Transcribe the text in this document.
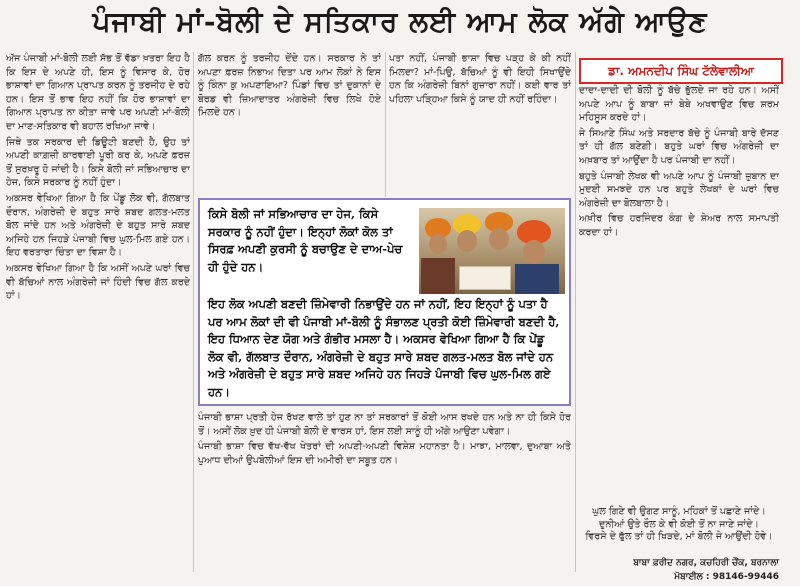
ਪੰਜਾਬੀ ਮਾਂ-ਬੋਲੀ ਦੇ ਸਤਿਕਾਰ ਲਈ ਆਮ ਲੋਕ ਅੱਗੇ ਆਉਣ

ਅੱਜ ਪੰਜਾਬੀ ਮਾਂ-ਬੋਲੀ ਲਈ ਸੱਭ ਤੋਂ ਵੱਡਾ ਖ਼ਤਰਾ ਇਹ ਹੈ ਕਿ ਇਸ ਦੇ ਅਪਣੇ ਹੀ, ਇਸ ਨੂੰ ਵਿਸਾਰ ਕੇ, ਹੋਰ ਭਾਸ਼ਾਵਾਂ ਦਾ ਗਿਆਨ ਪ੍ਰਾਪਤ ਕਰਨ ਨੂੰ ਤਰਜੀਹ ਦੇ ਰਹੇ ਹਨ। ਇਸ ਤੋਂ ਭਾਵ ਇਹ ਨਹੀਂ ਕਿ ਹੋਰ ਭਾਸ਼ਾਵਾਂ ਦਾ ਗਿਆਨ ਪ੍ਰਾਪਤ ਨਾ ਕੀਤਾ ਜਾਵੇ ਪਰ ਅਪਣੀ ਮਾਂ-ਬੋਲੀ ਦਾ ਮਾਣ-ਸਤਿਕਾਰ ਵੀ ਬਹਾਲ ਰਖਿਆ ਜਾਵੇ।

ਜਿਥੇ ਤਕ ਸਰਕਾਰ ਦੀ ਡਿਊਟੀ ਬਣਦੀ ਹੈ, ਉਹ ਤਾਂ ਅਪਣੀ ਕਾਗ਼ਜ਼ੀ ਕਾਰਵਾਈ ਪੂਰੀ ਕਰ ਕੇ, ਅਪਣੇ ਫ਼ਰਜ਼ ਤੋਂ ਸੁਰਖ਼ਰੂ ਹੋ ਜਾਂਦੀ ਹੈ। ਕਿਸੇ ਬੋਲੀ ਜਾਂ ਸਭਿਆਚਾਰ ਦਾ ਹੇਜ, ਕਿਸੇ ਸਰਕਾਰ ਨੂੰ ਨਹੀਂ ਹੁੰਦਾ।

ਅਕਸਰ ਵੇਖਿਆ ਗਿਆ ਹੈ ਕਿ ਪੇਂਡੂ ਲੋਕ ਵੀ, ਗੱਲਬਾਤ ਦੌਰਾਨ, ਅੰਗਰੇਜ਼ੀ ਦੇ ਬਹੁਤ ਸਾਰੇ ਸ਼ਬਦ ਗਲਤ-ਮਲਤ ਬੋਲ ਜਾਂਦੇ ਹਨ ਅਤੇ ਅੰਗਰੇਜ਼ੀ ਦੇ ਬਹੁਤ ਸਾਰੇ ਸ਼ਬਦ ਅਜਿਹੇ ਹਨ ਜਿਹੜੇ ਪੰਜਾਬੀ ਵਿਚ ਘੁਲ-ਮਿਲ ਗਏ ਹਨ। ਇਹ ਵਰਤਾਰਾ ਚਿੰਤਾ ਦਾ ਵਿਸ਼ਾ ਹੈ।

ਅਕਸਰ ਵੇਖਿਆ ਗਿਆ ਹੈ ਕਿ ਅਸੀਂ ਅਪਣੇ ਘਰਾਂ ਵਿਚ ਵੀ ਬੱਚਿਆਂ ਨਾਲ ਅੰਗਰੇਜ਼ੀ ਜਾਂ ਹਿੰਦੀ ਵਿਚ ਗੱਲ ਕਰਦੇ ਹਾਂ।

ਗੱਲ ਕਰਨ ਨੂੰ ਤਰਜੀਹ ਦੇਂਦੇ ਹਨ। ਸਰਕਾਰ ਨੇ ਤਾਂ ਅਪਣਾ ਫ਼ਰਜ਼ ਨਿਭਾਅ ਦਿਤਾ ਪਰ ਆਮ ਲੋਕਾਂ ਨੇ ਇਸ ਨੂੰ ਕਿੰਨਾ ਕੁ ਅਪਣਾਇਆ? ਪਿੰਡਾਂ ਵਿਚ ਤਾਂ ਦੁਕਾਨਾਂ ਦੇ ਬੋਰਡ ਵੀ ਜ਼ਿਆਦਾਤਰ ਅੰਗਰੇਜ਼ੀ ਵਿਚ ਲਿਖੇ ਹੋਏ ਮਿਲਦੇ ਹਨ।

ਪਤਾ ਨਹੀਂ, ਪੰਜਾਬੀ ਭਾਸ਼ਾ ਵਿਚ ਪੜ੍ਹ ਕੇ ਕੀ ਨਹੀਂ ਮਿਲਦਾ? ਮਾਂ-ਪਿਉ, ਬੱਚਿਆਂ ਨੂੰ ਵੀ ਇਹੀ ਸਿਖਾਉਂਦੇ ਹਨ ਕਿ ਅੰਗਰੇਜ਼ੀ ਬਿਨਾਂ ਗੁਜ਼ਾਰਾ ਨਹੀਂ। ਕਈ ਵਾਰ ਤਾਂ ਪਹਿਲਾ ਪੜ੍ਹਿਆ ਕਿਸੇ ਨੂੰ ਯਾਦ ਹੀ ਨਹੀਂ ਰਹਿੰਦਾ।

ਕਿਸੇ ਬੋਲੀ ਜਾਂ ਸਭਿਆਚਾਰ ਦਾ ਹੇਜ, ਕਿਸੇ ਸਰਕਾਰ ਨੂੰ ਨਹੀਂ ਹੁੰਦਾ। ਇਨ੍ਹਾਂ ਲੋਕਾਂ ਕੋਲ ਤਾਂ ਸਿਰਫ਼ ਅਪਣੀ ਕੁਰਸੀ ਨੂੰ ਬਚਾਉਣ ਦੇ ਦਾਅ-ਪੇਚ ਹੀ ਹੁੰਦੇ ਹਨ।
ਇਹ ਲੋਕ ਅਪਣੀ ਬਣਦੀ ਜ਼ਿੰਮੇਵਾਰੀ ਨਿਭਾਉਂਦੇ ਹਨ ਜਾਂ ਨਹੀਂ, ਇਹ ਇਨ੍ਹਾਂ ਨੂੰ ਪਤਾ ਹੈ ਪਰ ਆਮ ਲੋਕਾਂ ਦੀ ਵੀ ਪੰਜਾਬੀ ਮਾਂ-ਬੋਲੀ ਨੂੰ ਸੰਭਾਲਣ ਪ੍ਰਤੀ ਕੋਈ ਜ਼ਿੰਮੇਵਾਰੀ ਬਣਦੀ ਹੈ, ਇਹ ਧਿਆਨ ਦੇਣ ਯੋਗ ਅਤੇ ਗੰਭੀਰ ਮਸਲਾ ਹੈ। ਅਕਸਰ ਵੇਖਿਆ ਗਿਆ ਹੈ ਕਿ ਪੇਂਡੂ ਲੋਕ ਵੀ, ਗੱਲਬਾਤ ਦੌਰਾਨ, ਅੰਗਰੇਜ਼ੀ ਦੇ ਬਹੁਤ ਸਾਰੇ ਸ਼ਬਦ ਗਲਤ-ਮਲਤ ਬੋਲ ਜਾਂਦੇ ਹਨ ਅਤੇ ਅੰਗਰੇਜ਼ੀ ਦੇ ਬਹੁਤ ਸਾਰੇ ਸ਼ਬਦ ਅਜਿਹੇ ਹਨ ਜਿਹੜੇ ਪੰਜਾਬੀ ਵਿਚ ਘੁਲ-ਮਿਲ ਗਏ ਹਨ।

ਪੰਜਾਬੀ ਭਾਸ਼ਾ ਪ੍ਰਤੀ ਹੇਜ ਰੱਖਣ ਵਾਲੇ ਤਾਂ ਹੁਣ ਨਾ ਤਾਂ ਸਰਕਾਰਾਂ ਤੋਂ ਕੋਈ ਆਸ ਰਖਦੇ ਹਨ ਅਤੇ ਨਾ ਹੀ ਕਿਸੇ ਹੋਰ ਤੋਂ। ਅਸੀਂ ਲੋਕ ਖ਼ੁਦ ਹੀ ਪੰਜਾਬੀ ਬੋਲੀ ਦੇ ਵਾਰਸ ਹਾਂ, ਇਸ ਲਈ ਸਾਨੂੰ ਹੀ ਅੱਗੇ ਆਉਣਾ ਪਵੇਗਾ।

ਪੰਜਾਬੀ ਭਾਸ਼ਾ ਵਿਚ ਵੱਖ-ਵੱਖ ਖੇਤਰਾਂ ਦੀ ਅਪਣੀ-ਅਪਣੀ ਵਿਸ਼ੇਸ਼ ਮਹਾਨਤਾ ਹੈ। ਮਾਝਾ, ਮਾਲਵਾ, ਦੁਆਬਾ ਅਤੇ ਪੁਆਧ ਦੀਆਂ ਉਪਬੋਲੀਆਂ ਇਸ ਦੀ ਅਮੀਰੀ ਦਾ ਸਬੂਤ ਹਨ।

ਡਾ. ਅਮਨਦੀਪ ਸਿੰਘ ਟੱਲੇਵਾਲੀਆ

ਦਾਦਾ-ਦਾਦੀ ਦੀ ਬੋਲੀ ਨੂੰ ਬੱਚੇ ਭੁੱਲਦੇ ਜਾ ਰਹੇ ਹਨ। ਅਸੀਂ ਅਪਣੇ ਆਪ ਨੂੰ ਬਾਬਾ ਜਾਂ ਬੇਬੇ ਅਖਵਾਉਣ ਵਿਚ ਸ਼ਰਮ ਮਹਿਸੂਸ ਕਰਦੇ ਹਾਂ।

ਜੇ ਸਿਆਣੇ ਸਿੰਘ ਅਤੇ ਸਰਦਾਰ ਬੱਚੇ ਨੂੰ ਪੰਜਾਬੀ ਬਾਰੇ ਦੱਸਣ ਤਾਂ ਹੀ ਗੱਲ ਬਣੇਗੀ। ਬਹੁਤੇ ਘਰਾਂ ਵਿਚ ਅੰਗਰੇਜ਼ੀ ਦਾ ਅਖ਼ਬਾਰ ਤਾਂ ਆਉਂਦਾ ਹੈ ਪਰ ਪੰਜਾਬੀ ਦਾ ਨਹੀਂ।

ਬਹੁਤੇ ਪੰਜਾਬੀ ਲੇਖਕ ਵੀ ਅਪਣੇ ਆਪ ਨੂੰ ਪੰਜਾਬੀ ਜ਼ੁਬਾਨ ਦਾ ਮੁਦਈ ਸਮਝਦੇ ਹਨ ਪਰ ਬਹੁਤੇ ਲੇਖਕਾਂ ਦੇ ਘਰਾਂ ਵਿਚ ਅੰਗਰੇਜ਼ੀ ਦਾ ਬੋਲਬਾਲਾ ਹੈ।

ਅਖ਼ੀਰ ਵਿਚ ਹਰਜਿੰਦਰ ਕੰਗ ਦੇ ਸ਼ੇਅਰ ਨਾਲ ਸਮਾਪਤੀ ਕਰਦਾ ਹਾਂ।

ਘੁਲ ਗਿਣੇ ਵੀ ਉਗਣ ਸਾਨੂੰ, ਮਹਿਕਾਂ ਤੋਂ ਪਛਾਣੇ ਜਾਂਦੇ।
ਦੁਨੀਆਂ ਉਤੇ ਰੌਲ ਕੇ ਵੀ ਕੋਈ ਤੋਂ ਨਾ ਜਾਣੇ ਜਾਂਦੇ।
ਵਿਰਸੇ ਦੇ ਫੁੱਲ ਤਾਂ ਹੀ ਖਿੜਦੇ, ਮਾਂ ਬੋਲੀ ਜੇ ਆਉਂਦੀ ਹੋਵੇ।
ਬਾਬਾ ਫ਼ਰੀਦ ਨਗਰ, ਕਚਹਿਰੀ ਚੌਂਕ, ਬਰਨਾਲਾ
ਮੋਬਾਈਲ : 98146-99446
